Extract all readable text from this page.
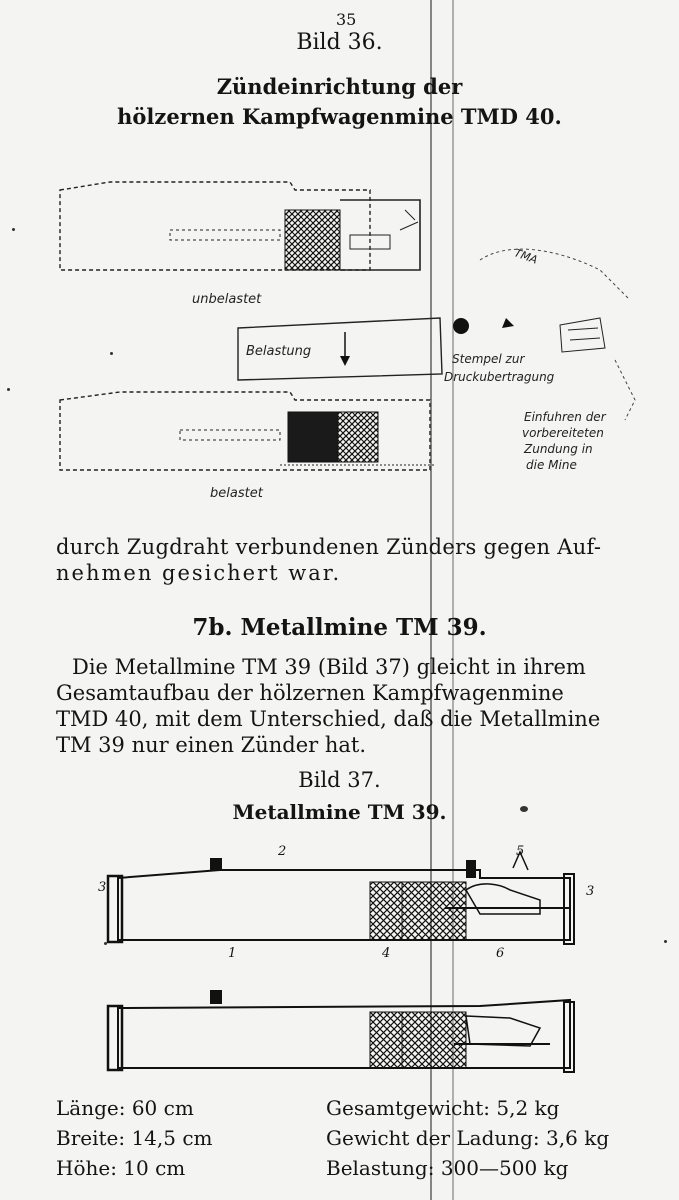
35
Bild 36.
Zündeinrichtung der
hölzernen Kampfwagenmine TMD 40.
unbelastet
Belastung
belastet
Stempel zur
Druckubertragung
Einfuhren der
vorbereiteten
Zundung in
die Mine
TMA
durch Zugdraht verbundenen Zünders gegen Auf-
nehmen gesichert war.
7b. Metallmine TM 39.
Die Metallmine TM 39 (Bild 37) gleicht in ihrem
Gesamtaufbau der hölzernen Kampfwagenmine
TMD 40, mit dem Unterschied, daß die Metallmine
TM 39 nur einen Zünder hat.
Bild 37.
Metallmine TM 39.
3
2
1	4
5
6
3
Länge: 60 cm
Breite: 14,5 cm
Höhe: 10 cm
Gesamtgewicht: 5,2 kg
Gewicht der Ladung: 3,6 kg
Belastung: 300—500 kg
